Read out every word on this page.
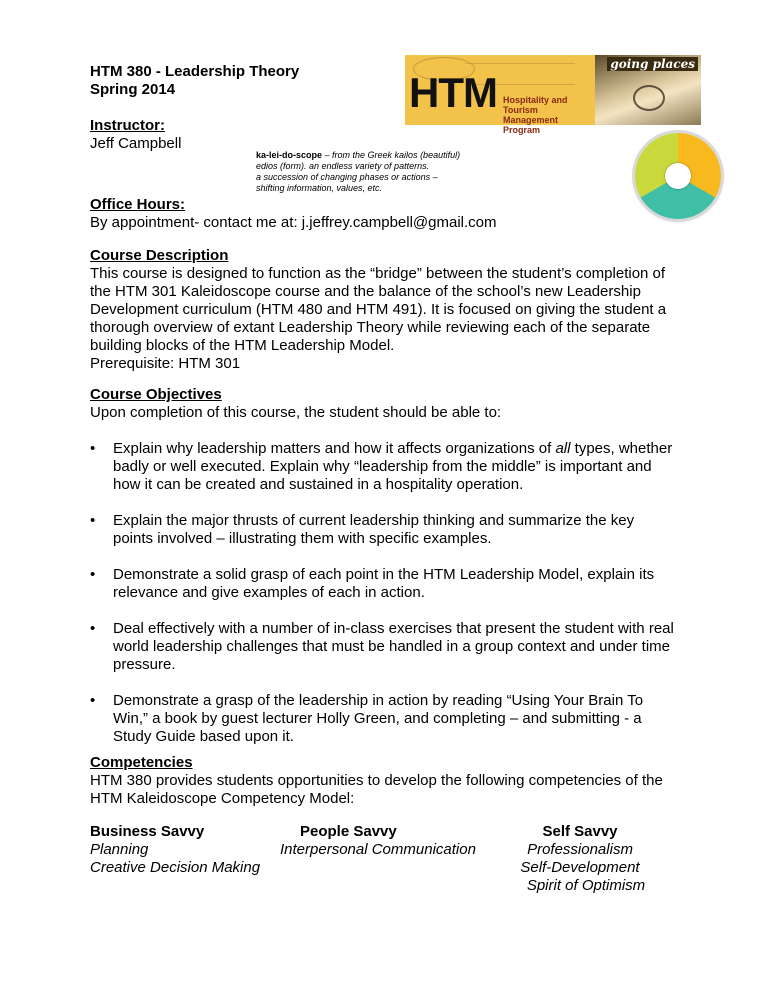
HTM 380 - Leadership Theory
Spring 2014	HTM Hospitality and Tourism
Management Program
going places
Instructor:
Jeff Campbell
ka-lei-do-scope – from the Greek kailos (beautiful)
edios (form). an endless variety of patterns.
a succession of changing phases or actions –
shifting information, values, etc.
Office Hours:
By appointment- contact me at: j.jeffrey.campbell@gmail.com
Course Description
This course is designed to function as the “bridge” between the student’s completion of
the HTM 301 Kaleidoscope course and the balance of the school’s new Leadership
Development curriculum (HTM 480 and HTM 491). It is focused on giving the student a
thorough overview of extant Leadership Theory while reviewing each of the separate
building blocks of the HTM Leadership Model.
Prerequisite: HTM 301
Course Objectives
Upon completion of this course, the student should be able to:
• Explain why leadership matters and how it affects organizations of all types, whether
badly or well executed. Explain why “leadership from the middle” is important and
how it can be created and sustained in a hospitality operation.
• Explain the major thrusts of current leadership thinking and summarize the key
points involved – illustrating them with specific examples.
• Demonstrate a solid grasp of each point in the HTM Leadership Model, explain its
relevance and give examples of each in action.
• Deal effectively with a number of in-class exercises that present the student with real
world leadership challenges that must be handled in a group context and under time
pressure.
• Demonstrate a grasp of the leadership in action by reading “Using Your Brain To
Win,” a book by guest lecturer Holly Green, and completing – and submitting - a
Study Guide based upon it.
Competencies
HTM 380 provides students opportunities to develop the following competencies of the
HTM Kaleidoscope Competency Model:
Business Savvy
Planning
Creative Decision Making
People Savvy
Interpersonal Communication
Self Savvy
Professionalism
Self-Development
Spirit of Optimism
